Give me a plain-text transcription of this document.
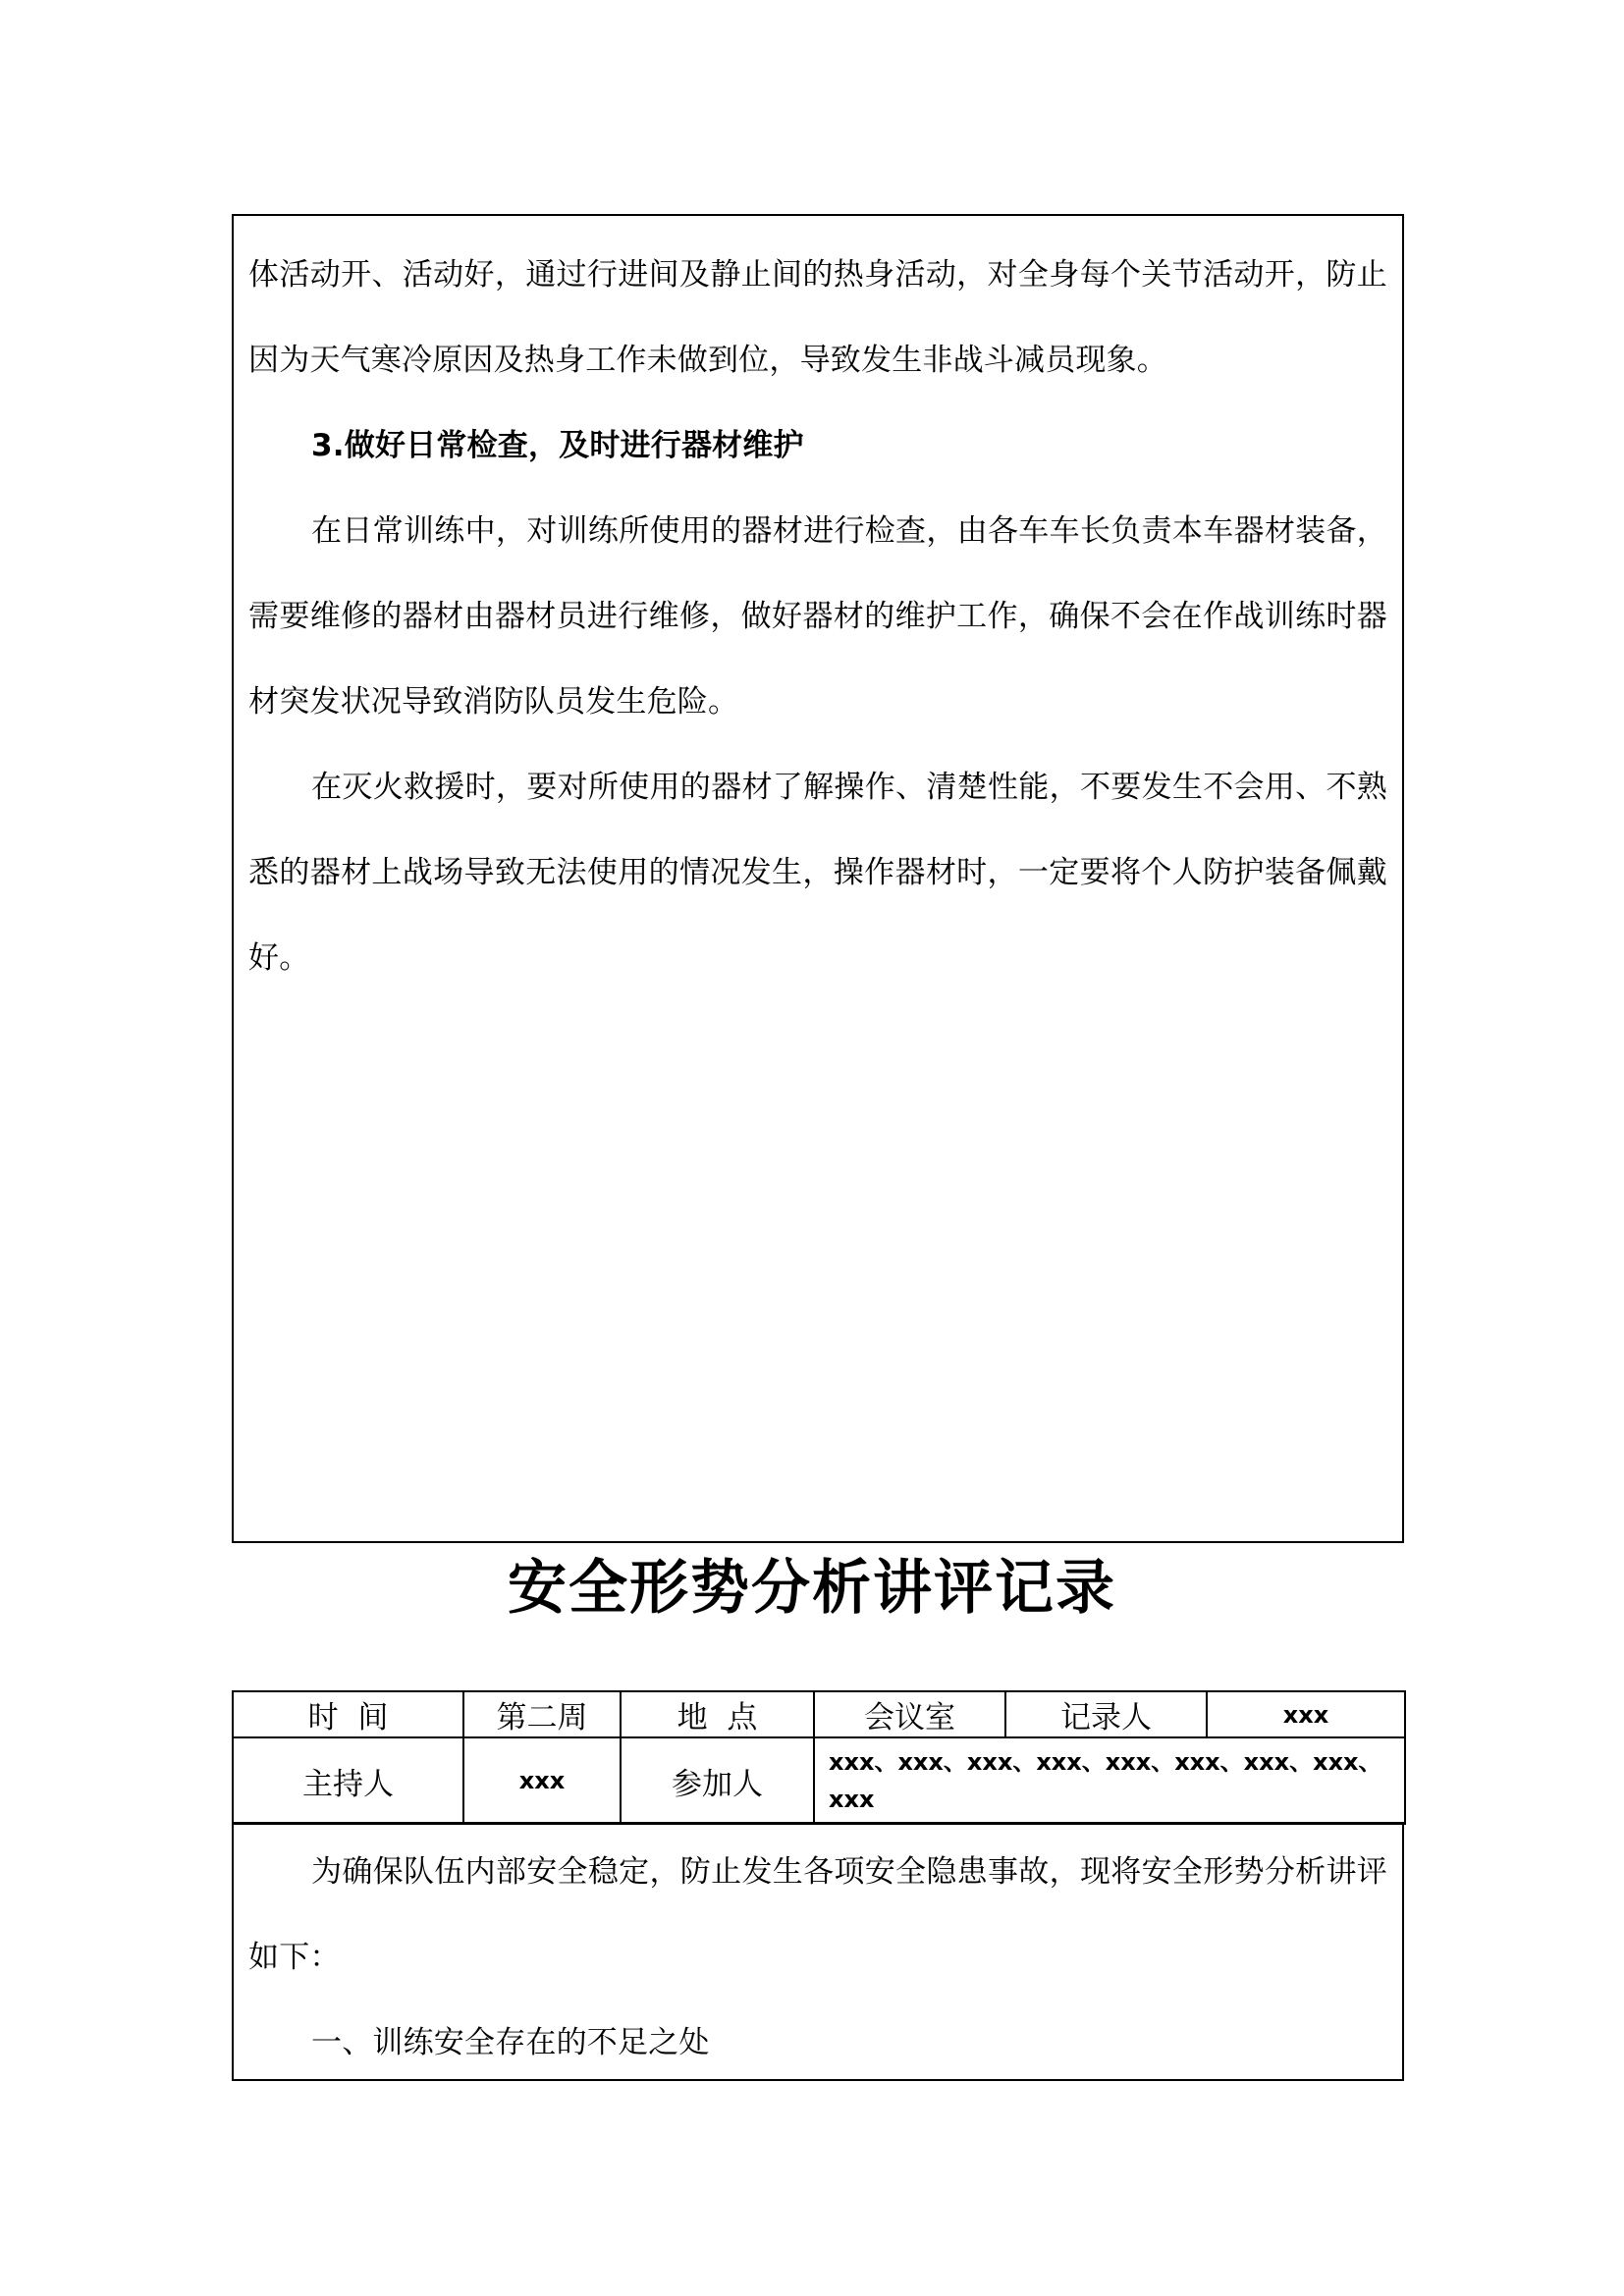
体活动开、活动好，通过行进间及静止间的热身活动，对全身每个关节活动开，防止因为天气寒冷原因及热身工作未做到位，导致发生非战斗减员现象。

3.做好日常检查，及时进行器材维护

在日常训练中，对训练所使用的器材进行检查，由各车车长负责本车器材装备，需要维修的器材由器材员进行维修，做好器材的维护工作，确保不会在作战训练时器材突发状况导致消防队员发生危险。

在灭火救援时，要对所使用的器材了解操作、清楚性能，不要发生不会用、不熟悉的器材上战场导致无法使用的情况发生，操作器材时，一定要将个人防护装备佩戴好。

安全形势分析讲评记录
时  间	第二周	地  点	会议室	记录人	xxx
主持人	xxx	参加人	xxx、xxx、xxx、xxx、xxx、xxx、xxx、xxx、xxx		

为确保队伍内部安全稳定，防止发生各项安全隐患事故，现将安全形势分析讲评如下：

一、训练安全存在的不足之处
